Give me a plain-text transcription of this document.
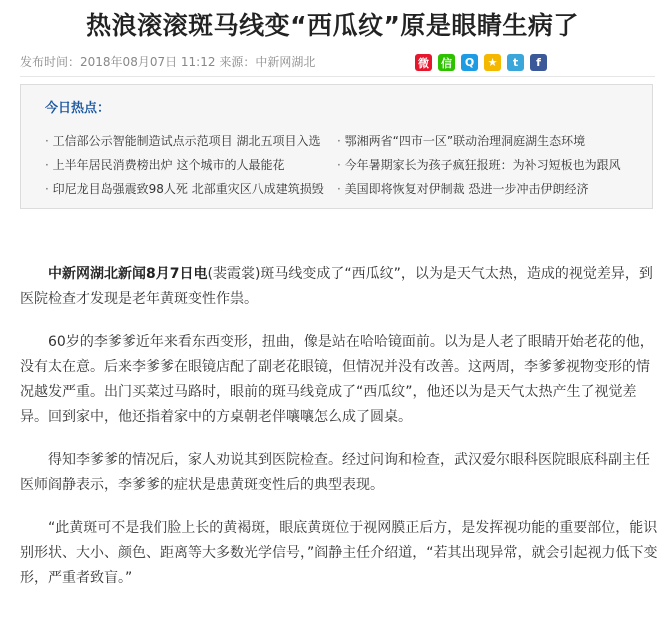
热浪滚滚斑马线变“西瓜纹”原是眼睛生病了
发布时间：2018年08月07日 11:12 来源：中新网湖北	微 信	Q	★	t	f
今日热点：
· 工信部公示智能制造试点示范项目 湖北五项目入选	· 鄂湘两省“四市一区”联动治理洞庭湖生态环境
· 上半年居民消费榜出炉 这个城市的人最能花	· 今年暑期家长为孩子疯狂报班：为补习短板也为跟风
· 印尼龙目岛强震致98人死 北部重灾区八成建筑损毁	· 美国即将恢复对伊制裁 恐进一步冲击伊朗经济

中新网湖北新闻8月7日电(裴霞裳)斑马线变成了“西瓜纹”，以为是天气太热，造成的视觉差异，到医院检查才发现是老年黄斑变性作祟。

60岁的李爹爹近年来看东西变形，扭曲，像是站在哈哈镜面前。以为是人老了眼睛开始老花的他，没有太在意。后来李爹爹在眼镜店配了副老花眼镜，但情况并没有改善。这两周，李爹爹视物变形的情况越发严重。出门买菜过马路时，眼前的斑马线竟成了“西瓜纹”，他还以为是天气太热产生了视觉差异。回到家中，他还指着家中的方桌朝老伴嚷嚷怎么成了圆桌。

得知李爹爹的情况后，家人劝说其到医院检查。经过问询和检查，武汉爱尔眼科医院眼底科副主任医师阎静表示，李爹爹的症状是患黄斑变性后的典型表现。

“此黄斑可不是我们脸上长的黄褐斑，眼底黄斑位于视网膜正后方，是发挥视功能的重要部位，能识别形状、大小、颜色、距离等大多数光学信号，”阎静主任介绍道，“若其出现异常，就会引起视力低下变形，严重者致盲。”
